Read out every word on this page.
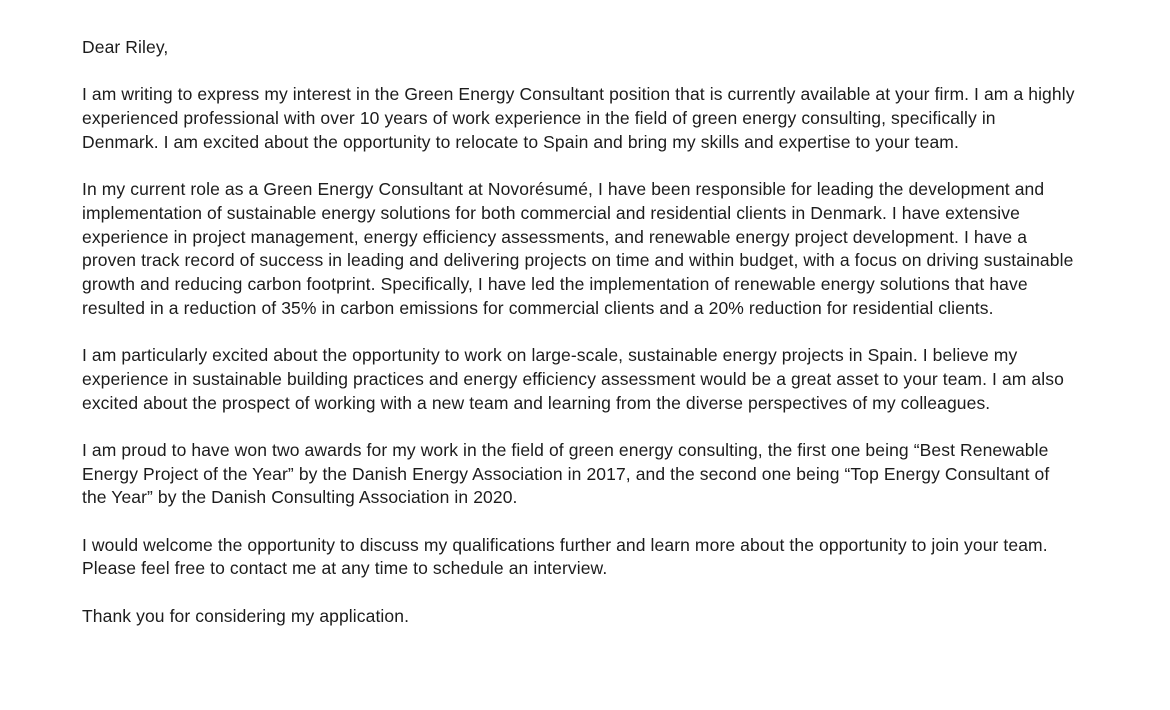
Dear Riley,

I am writing to express my interest in the Green Energy Consultant position that is currently available at your firm. I am a highly experienced professional with over 10 years of work experience in the field of green energy consulting, specifically in Denmark. I am excited about the opportunity to relocate to Spain and bring my skills and expertise to your team.

In my current role as a Green Energy Consultant at Novorésumé, I have been responsible for leading the development and implementation of sustainable energy solutions for both commercial and residential clients in Denmark. I have extensive experience in project management, energy efficiency assessments, and renewable energy project development. I have a proven track record of success in leading and delivering projects on time and within budget, with a focus on driving sustainable growth and reducing carbon footprint. Specifically, I have led the implementation of renewable energy solutions that have resulted in a reduction of 35% in carbon emissions for commercial clients and a 20% reduction for residential clients.

I am particularly excited about the opportunity to work on large-scale, sustainable energy projects in Spain. I believe my experience in sustainable building practices and energy efficiency assessment would be a great asset to your team. I am also excited about the prospect of working with a new team and learning from the diverse perspectives of my colleagues.

I am proud to have won two awards for my work in the field of green energy consulting, the first one being “Best Renewable Energy Project of the Year” by the Danish Energy Association in 2017, and the second one being “Top Energy Consultant of the Year” by the Danish Consulting Association in 2020.

I would welcome the opportunity to discuss my qualifications further and learn more about the opportunity to join your team. Please feel free to contact me at any time to schedule an interview.

Thank you for considering my application.
